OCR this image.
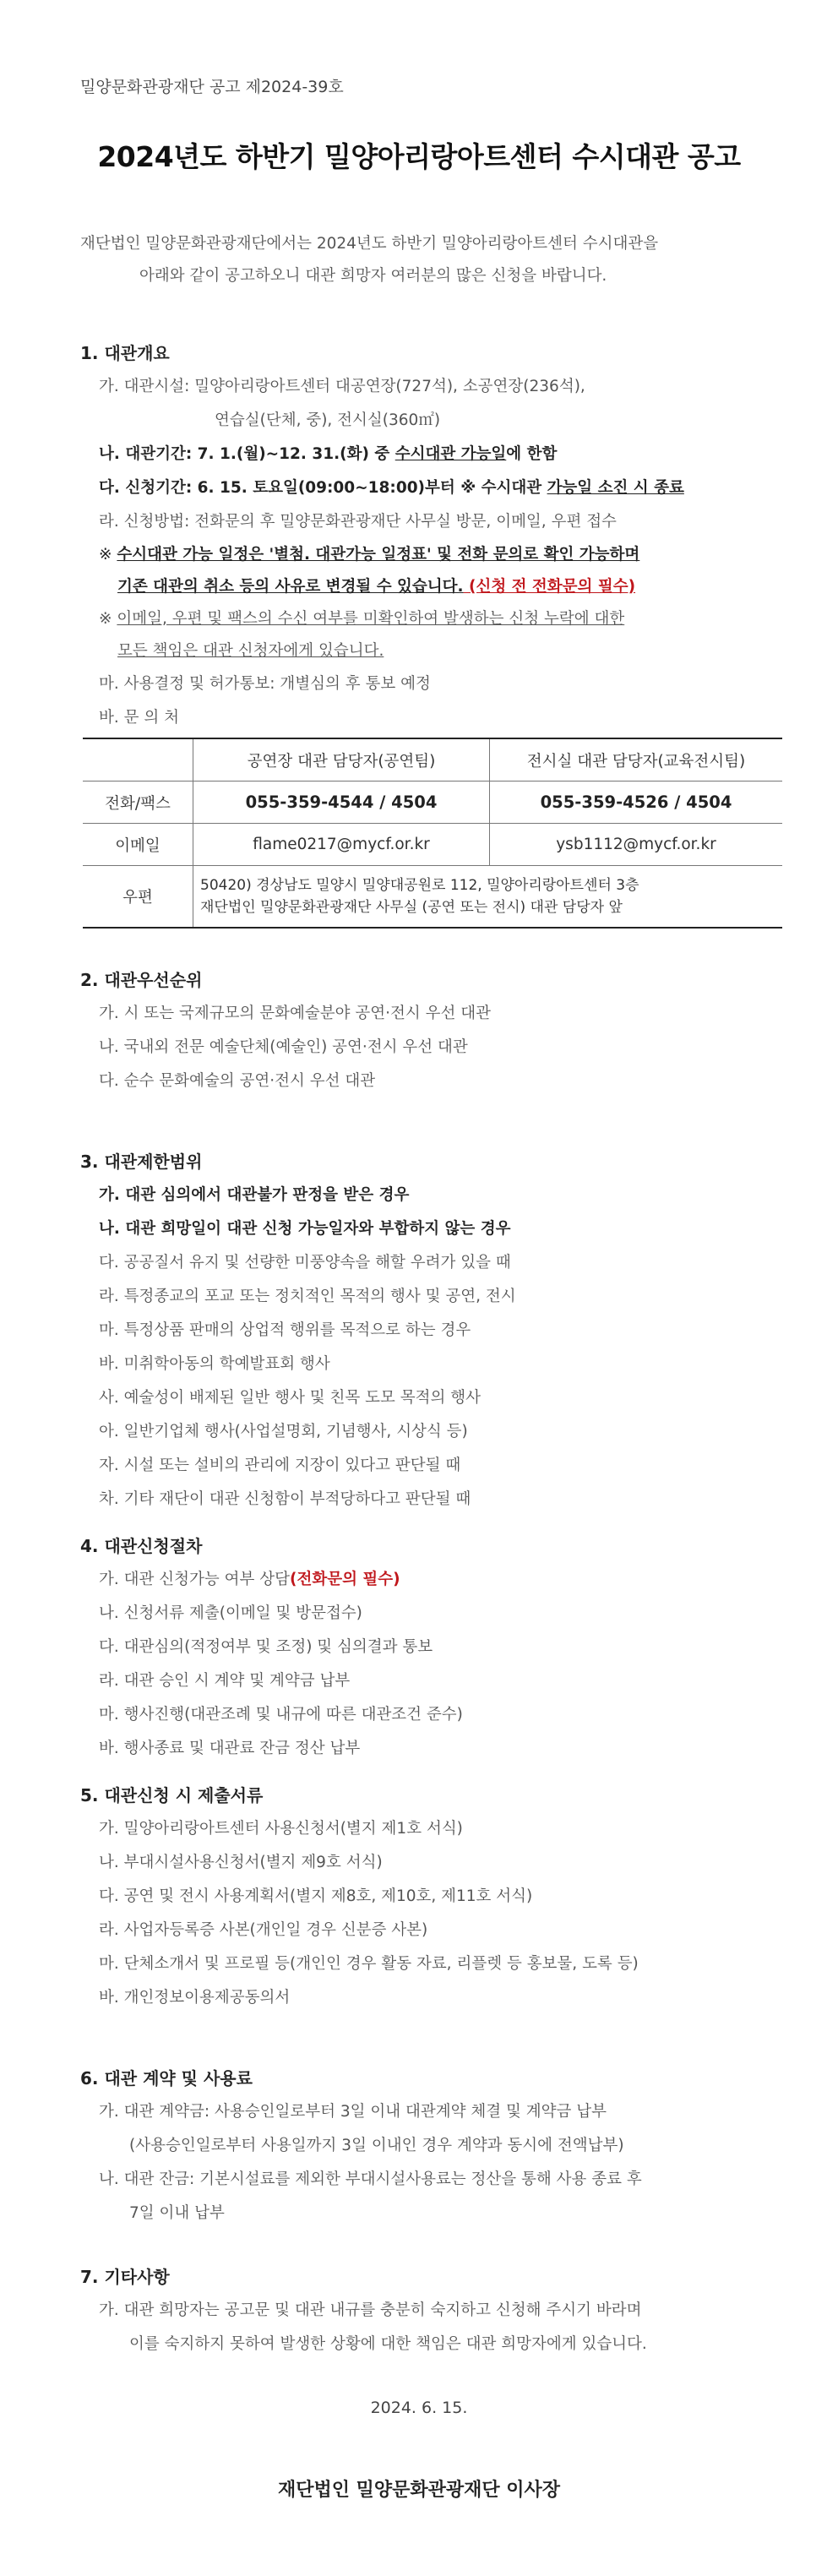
밀양문화관광재단 공고 제2024-39호
2024년도 하반기 밀양아리랑아트센터 수시대관 공고
재단법인 밀양문화관광재단에서는 2024년도 하반기 밀양아리랑아트센터 수시대관을
아래와 같이 공고하오니 대관 희망자 여러분의 많은 신청을 바랍니다.
1. 대관개요
가. 대관시설: 밀양아리랑아트센터 대공연장(727석), 소공연장(236석),
연습실(단체, 중), 전시실(360㎡)
나. 대관기간: 7. 1.(월)~12. 31.(화) 중 수시대관 가능일에 한함
다. 신청기간: 6. 15. 토요일(09:00~18:00)부터 ※ 수시대관 가능일 소진 시 종료
라. 신청방법: 전화문의 후 밀양문화관광재단 사무실 방문, 이메일, 우편 접수
※ 수시대관 가능 일정은 '별첨. 대관가능 일정표' 및 전화 문의로 확인 가능하며
기존 대관의 취소 등의 사유로 변경될 수 있습니다. (신청 전 전화문의 필수)
※ 이메일, 우편 및 팩스의 수신 여부를 미확인하여 발생하는 신청 누락에 대한
모든 책임은 대관 신청자에게 있습니다.
마. 사용결정 및 허가통보: 개별심의 후 통보 예정
바. 문 의 처
	공연장 대관 담당자(공연팀)	전시실 대관 담당자(교육전시팀)
전화/팩스	055-359-4544 / 4504	055-359-4526 / 4504
이메일	flame0217@mycf.or.kr	ysb1112@mycf.or.kr
우편	50420) 경상남도 밀양시 밀양대공원로 112, 밀양아리랑아트센터 3층
재단법인 밀양문화관광재단 사무실 (공연 또는 전시) 대관 담당자 앞	
2. 대관우선순위
가. 시 또는 국제규모의 문화예술분야 공연·전시 우선 대관
나. 국내외 전문 예술단체(예술인) 공연·전시 우선 대관
다. 순수 문화예술의 공연·전시 우선 대관
3. 대관제한범위
가. 대관 심의에서 대관불가 판정을 받은 경우
나. 대관 희망일이 대관 신청 가능일자와 부합하지 않는 경우
다. 공공질서 유지 및 선량한 미풍양속을 해할 우려가 있을 때
라. 특정종교의 포교 또는 정치적인 목적의 행사 및 공연, 전시
마. 특정상품 판매의 상업적 행위를 목적으로 하는 경우
바. 미취학아동의 학예발표회 행사
사. 예술성이 배제된 일반 행사 및 친목 도모 목적의 행사
아. 일반기업체 행사(사업설명회, 기념행사, 시상식 등)
자. 시설 또는 설비의 관리에 지장이 있다고 판단될 때
차. 기타 재단이 대관 신청함이 부적당하다고 판단될 때
4. 대관신청절차
가. 대관 신청가능 여부 상담(전화문의 필수)
나. 신청서류 제출(이메일 및 방문접수)
다. 대관심의(적정여부 및 조정) 및 심의결과 통보
라. 대관 승인 시 계약 및 계약금 납부
마. 행사진행(대관조례 및 내규에 따른 대관조건 준수)
바. 행사종료 및 대관료 잔금 정산 납부
5. 대관신청 시 제출서류
가. 밀양아리랑아트센터 사용신청서(별지 제1호 서식)
나. 부대시설사용신청서(별지 제9호 서식)
다. 공연 및 전시 사용계획서(별지 제8호, 제10호, 제11호 서식)
라. 사업자등록증 사본(개인일 경우 신분증 사본)
마. 단체소개서 및 프로필 등(개인인 경우 활동 자료, 리플렛 등 홍보물, 도록 등)
바. 개인정보이용제공동의서
6. 대관 계약 및 사용료
가. 대관 계약금: 사용승인일로부터 3일 이내 대관계약 체결 및 계약금 납부
(사용승인일로부터 사용일까지 3일 이내인 경우 계약과 동시에 전액납부)
나. 대관 잔금: 기본시설료를 제외한 부대시설사용료는 정산을 통해 사용 종료 후
7일 이내 납부
7. 기타사항
가. 대관 희망자는 공고문 및 대관 내규를 충분히 숙지하고 신청해 주시기 바라며
이를 숙지하지 못하여 발생한 상황에 대한 책임은 대관 희망자에게 있습니다.
2024. 6. 15.
재단법인 밀양문화관광재단 이사장
